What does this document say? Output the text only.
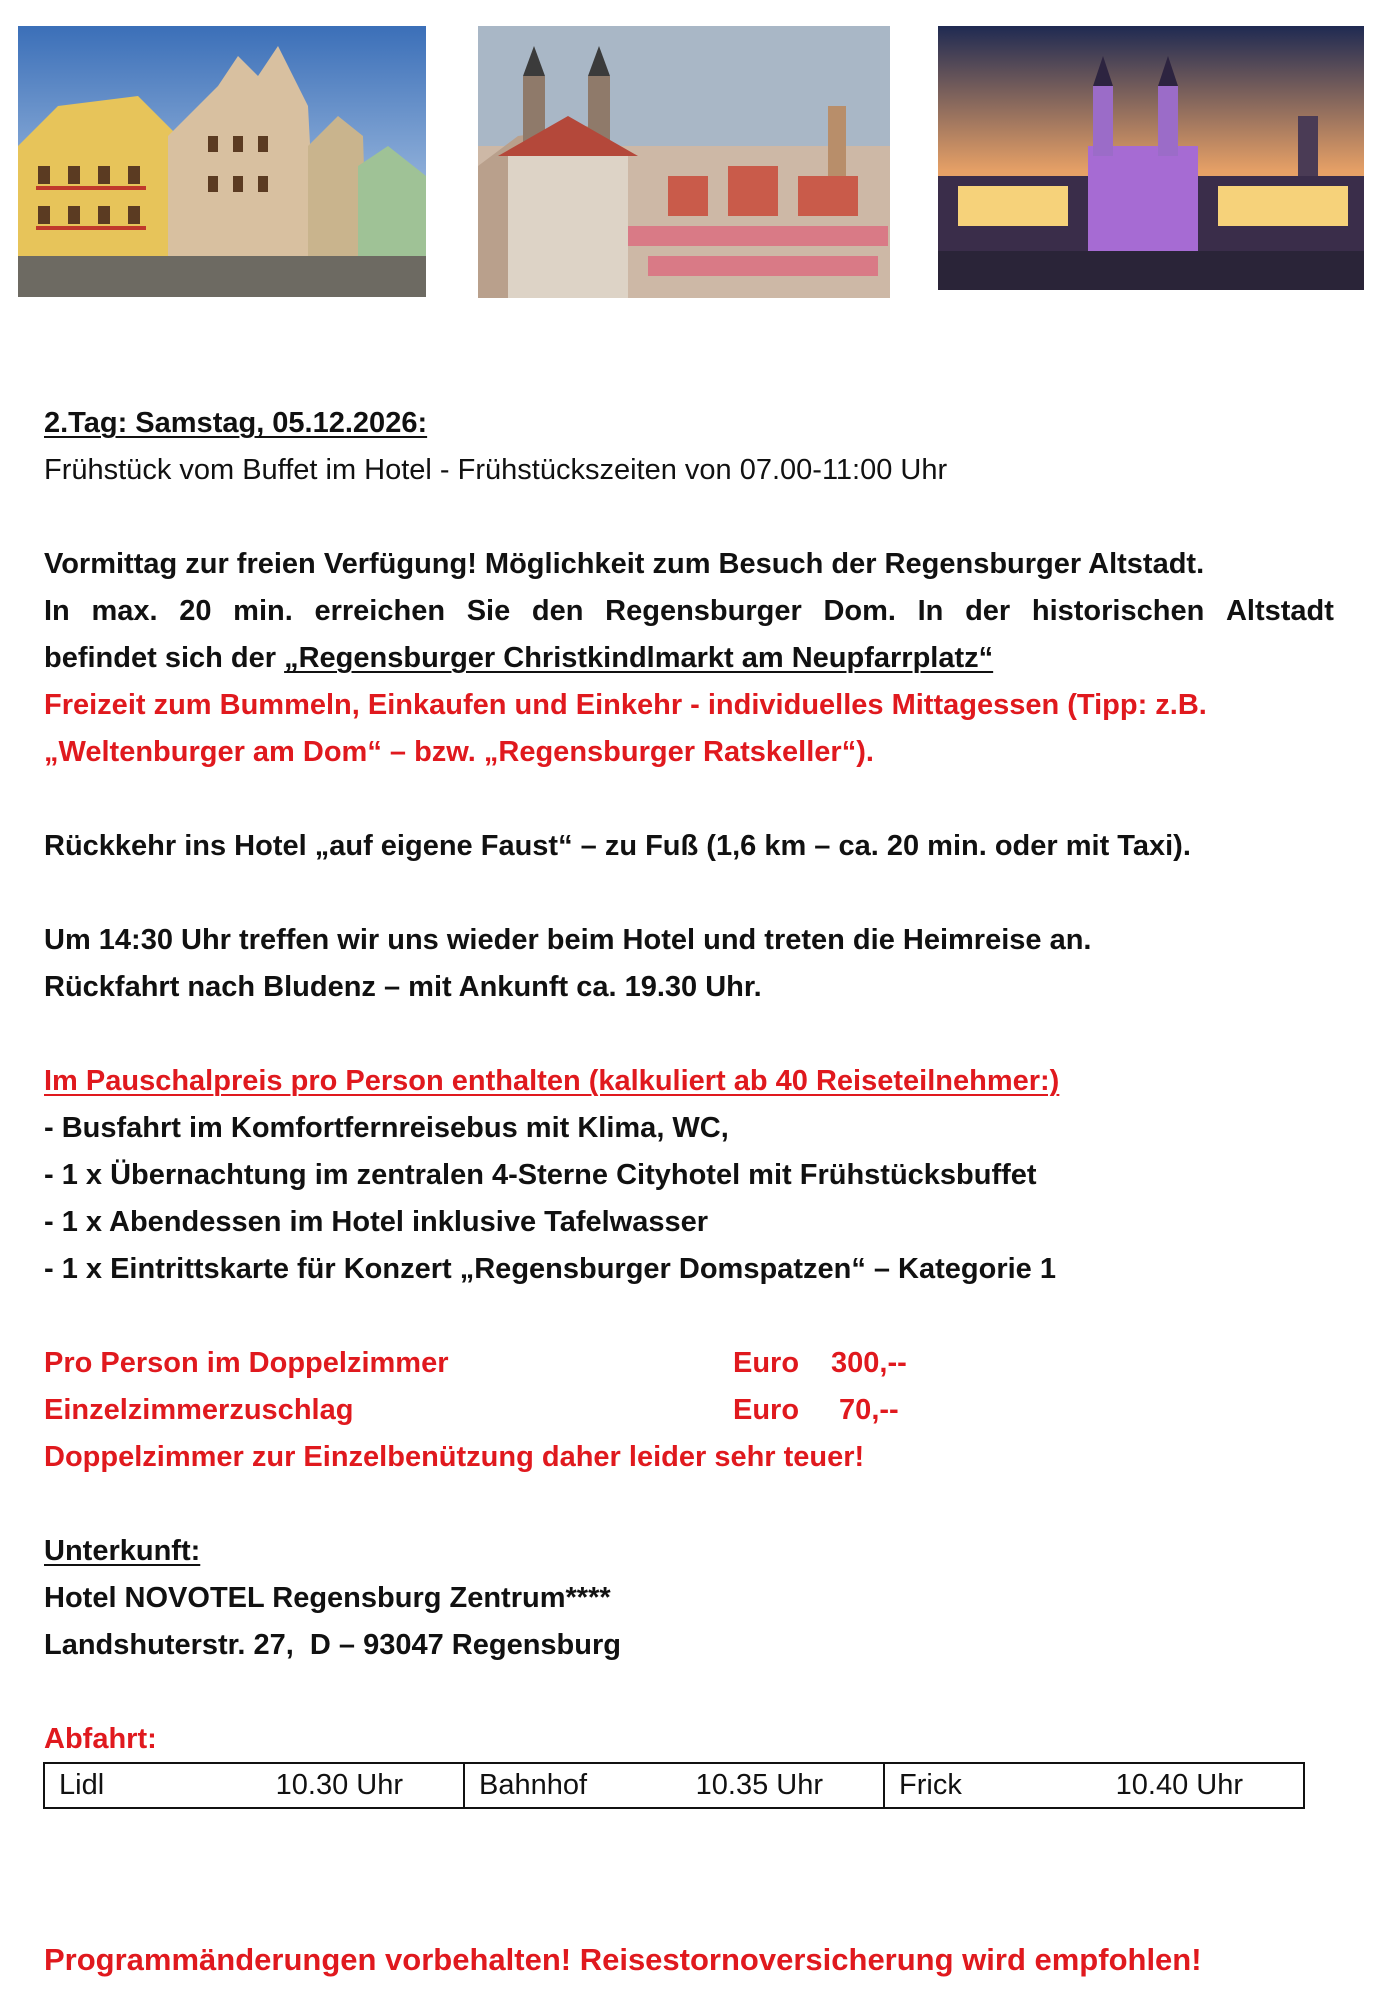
2.Tag: Samstag, 05.12.2026:
Frühstück vom Buffet im Hotel - Frühstückszeiten von 07.00-11:00 Uhr
Vormittag zur freien Verfügung! Möglichkeit zum Besuch der Regensburger Altstadt.
In max. 20 min. erreichen Sie den Regensburger Dom. In der historischen Altstadt
befindet sich der „Regensburger Christkindlmarkt am Neupfarrplatz“
Freizeit zum Bummeln, Einkaufen und Einkehr - individuelles Mittagessen (Tipp: z.B.
„Weltenburger am Dom“ – bzw. „Regensburger Ratskeller“).
Rückkehr ins Hotel „auf eigene Faust“ – zu Fuß (1,6 km – ca. 20 min. oder mit Taxi).
Um 14:30 Uhr treffen wir uns wieder beim Hotel und treten die Heimreise an.
Rückfahrt nach Bludenz – mit Ankunft ca. 19.30 Uhr.
Im Pauschalpreis pro Person enthalten (kalkuliert ab 40 Reiseteilnehmer:)
- Busfahrt im Komfortfernreisebus mit Klima, WC,
- 1 x Übernachtung im zentralen 4-Sterne Cityhotel mit Frühstücksbuffet
- 1 x Abendessen im Hotel inklusive Tafelwasser
- 1 x Eintrittskarte für Konzert „Regensburger Domspatzen“ – Kategorie 1
Pro Person im Doppelzimmer	Euro 300,--
Einzelzimmerzuschlag	Euro 70,--
Doppelzimmer zur Einzelbenützung daher leider sehr teuer!
Unterkunft:
Hotel NOVOTEL Regensburg Zentrum****
Landshuterstr. 27,  D – 93047 Regensburg
Abfahrt:
Lidl	10.30 Uhr	Bahnhof	10.35 Uhr	Frick	10.40 Uhr
Programmänderungen vorbehalten! Reisestornoversicherung wird empfohlen!
